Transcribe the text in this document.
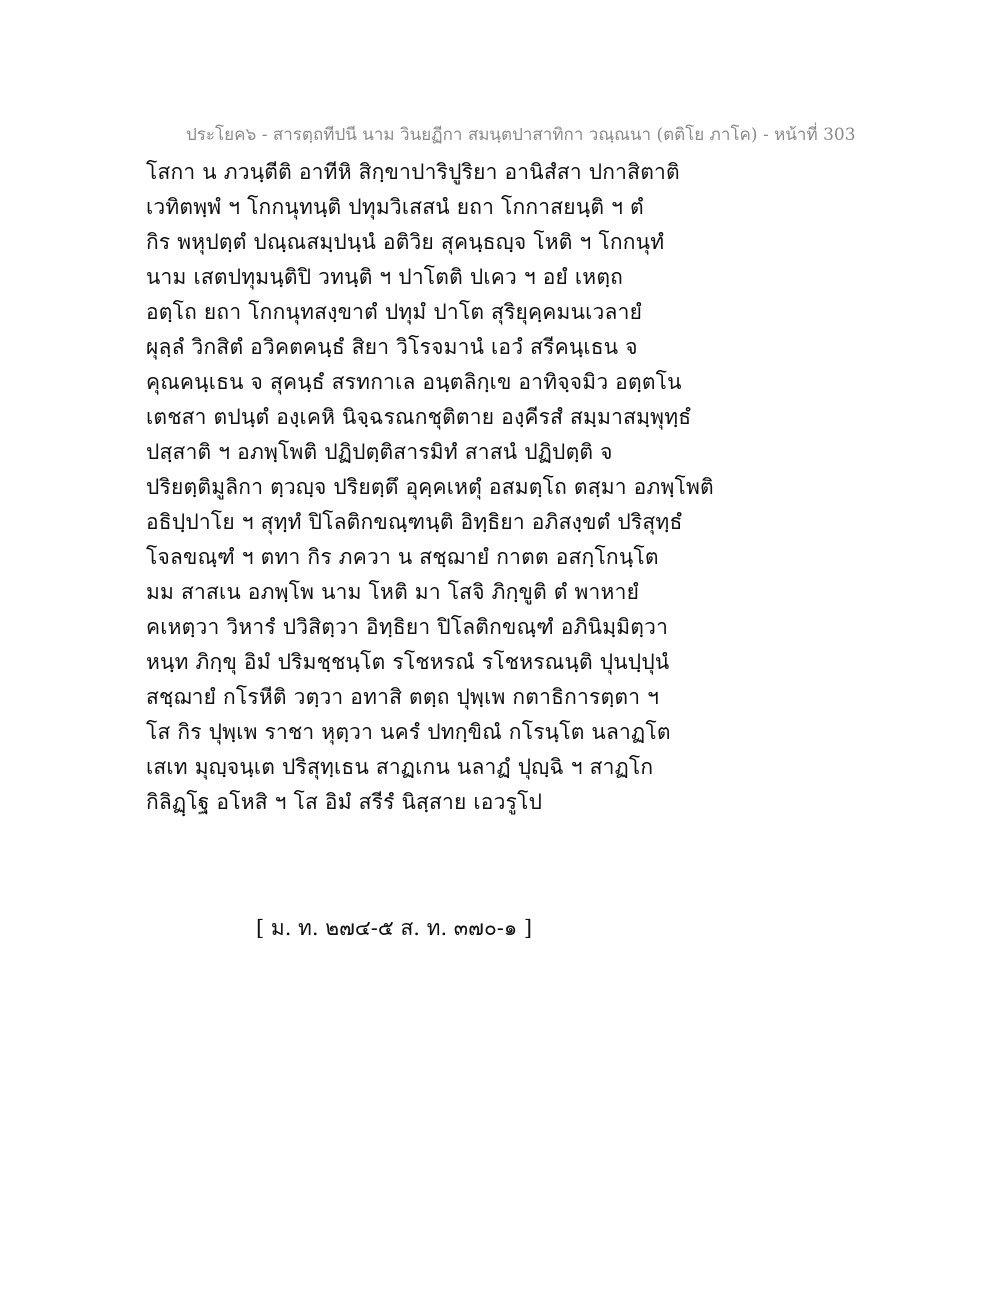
ประโยค๖ - สารตฺถทีปนี นาม วินยฏีกา สมนฺตปาสาทิกา วณฺณนา (ตติโย ภาโค) - หน้าที่ 303
โสกา น ภวนฺตีติ อาทีหิ สิกฺขาปาริปูริยา อานิสํสา ปกาสิตาติ
เวทิตพฺพํ ฯ โกกนุทนฺติ ปทุมวิเสสนํ ยถา โกกาสยนฺติ ฯ ตํ
กิร พหุปตฺตํ ปณฺณสมฺปนฺนํ อติวิย สุคนฺธญฺจ โหติ ฯ โกกนุทํ
นาม เสตปทุมนฺติปิ วทนฺติ ฯ ปาโตติ ปเคว ฯ อยํ เหตฺถ
อตฺโถ ยถา โกกนุทสงฺขาตํ ปทุมํ ปาโต สุริยุคฺคมนเวลายํ
ผุลฺลํ วิกสิตํ อวิคตคนฺธํ สิยา วิโรจมานํ เอวํ สรีคนฺเธน จ
คุณคนฺเธน จ สุคนฺธํ สรทกาเล อนฺตลิกฺเข อาทิจฺจมิว อตฺตโน
เตชสา ตปนฺตํ องฺเคหิ นิจฺฉรณกชุติตาย องฺคีรสํ สมฺมาสมฺพุทฺธํ
ปสฺสาติ ฯ อภพฺโพติ ปฏิปตฺติสารมิทํ สาสนํ ปฏิปตฺติ จ
ปริยตฺติมูลิกา ตฺวญฺจ ปริยตฺตึ อุคฺคเหตุํ อสมตฺโถ ตสฺมา อภพฺโพติ
อธิปฺปาโย ฯ สุทฺทํ ปิโลติกขณฺฑนฺติ อิทฺธิยา อภิสงฺขตํ ปริสุทฺธํ
โจลขณฺฑํ ฯ ตทา กิร ภควา น สชฺฌายํ กาตต อสกฺโกนฺโต
มม สาสเน อภพฺโพ นาม โหติ มา โสจิ ภิกฺขูติ ตํ พาหายํ
คเหตฺวา วิหารํ ปวิสิตฺวา อิทฺธิยา ปิโลติกขณฺฑํ อภินิมฺมิตฺวา
หนฺท ภิกฺขุ อิมํ ปริมชฺชนฺโต รโชหรณํ รโชหรณนฺติ ปุนปฺปุนํ
สชฺฌายํ กโรหีติ วตฺวา อทาสิ ตตฺถ ปุพฺเพ กตาธิการตฺตา ฯ
โส กิร ปุพฺเพ ราชา หุตฺวา นครํ ปทกฺขิณํ กโรนฺโต นลาฏโต
เสเท มุญฺจนฺเต ปริสุทฺเธน สาฏเกน นลาฏํ ปุญฺฉิ ฯ สาฏโก
กิลิฏฺโฐ อโหสิ ฯ โส อิมํ สรีรํ นิสฺสาย เอวรูโป
[ ม. ท. ๒๗๔-๕ ส. ท. ๓๗๐-๑ ]
